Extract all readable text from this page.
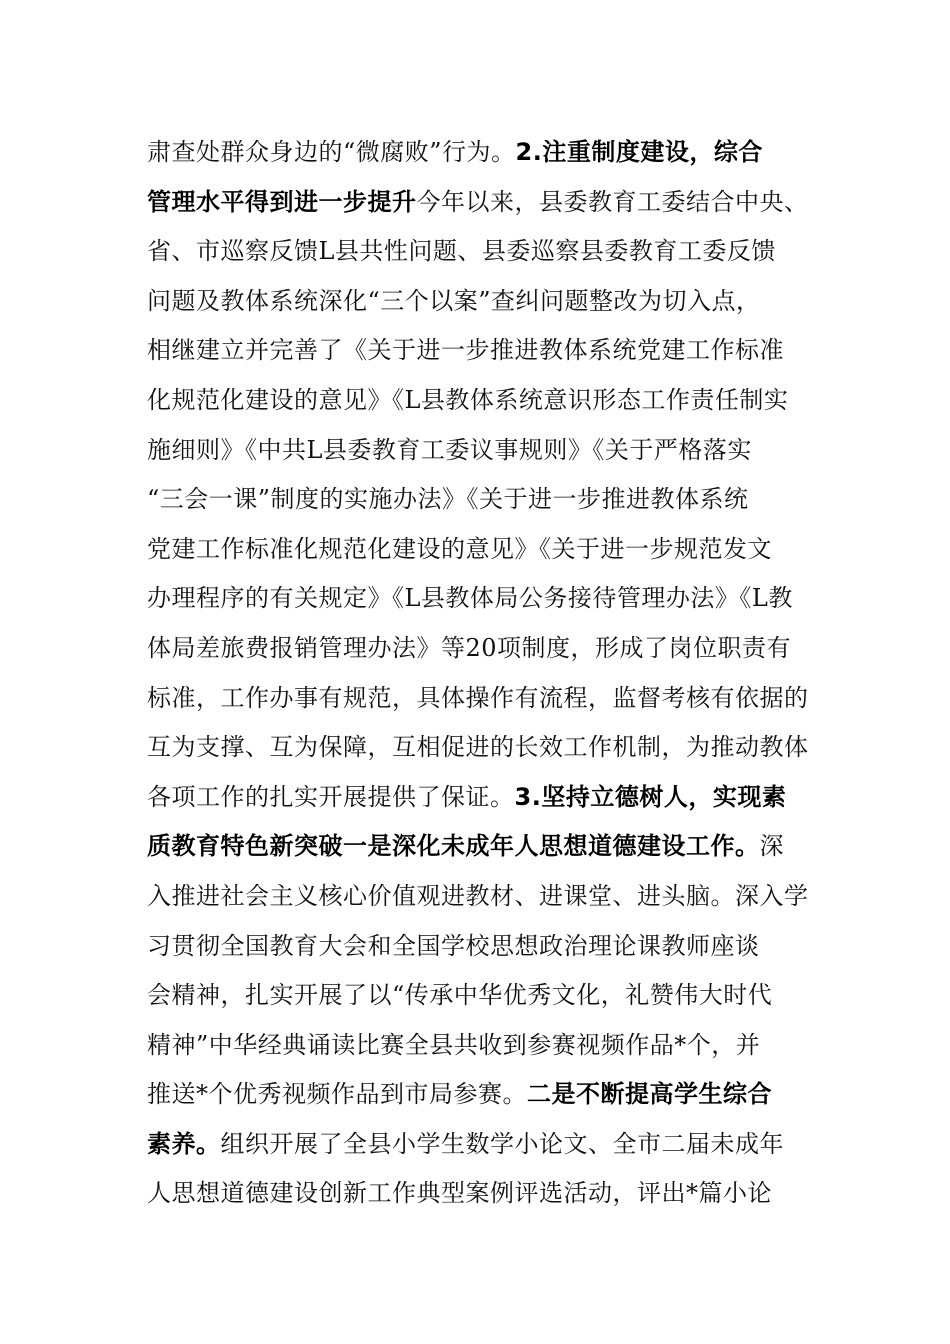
肃查处群众身边的“微腐败”行为。2.注重制度建设，综合
管理水平得到进一步提升今年以来，县委教育工委结合中央、
省、市巡察反馈L县共性问题、县委巡察县委教育工委反馈
问题及教体系统深化“三个以案”查纠问题整改为切入点，
相继建立并完善了《关于进一步推进教体系统党建工作标准
化规范化建设的意见》《L县教体系统意识形态工作责任制实
施细则》《中共L县委教育工委议事规则》《关于严格落实
“三会一课”制度的实施办法》《关于进一步推进教体系统
党建工作标准化规范化建设的意见》《关于进一步规范发文
办理程序的有关规定》《L县教体局公务接待管理办法》《L教
体局差旅费报销管理办法》等20项制度，形成了岗位职责有
标准，工作办事有规范，具体操作有流程，监督考核有依据的
互为支撑、互为保障，互相促进的长效工作机制，为推动教体
各项工作的扎实开展提供了保证。3.坚持立德树人，实现素
质教育特色新突破一是深化未成年人思想道德建设工作。深
入推进社会主义核心价值观进教材、进课堂、进头脑。深入学
习贯彻全国教育大会和全国学校思想政治理论课教师座谈
会精神，扎实开展了以“传承中华优秀文化，礼赞伟大时代
精神”中华经典诵读比赛全县共收到参赛视频作品*个，并
推送*个优秀视频作品到市局参赛。二是不断提高学生综合
素养。组织开展了全县小学生数学小论文、全市二届未成年
人思想道德建设创新工作典型案例评选活动，评出*篇小论
